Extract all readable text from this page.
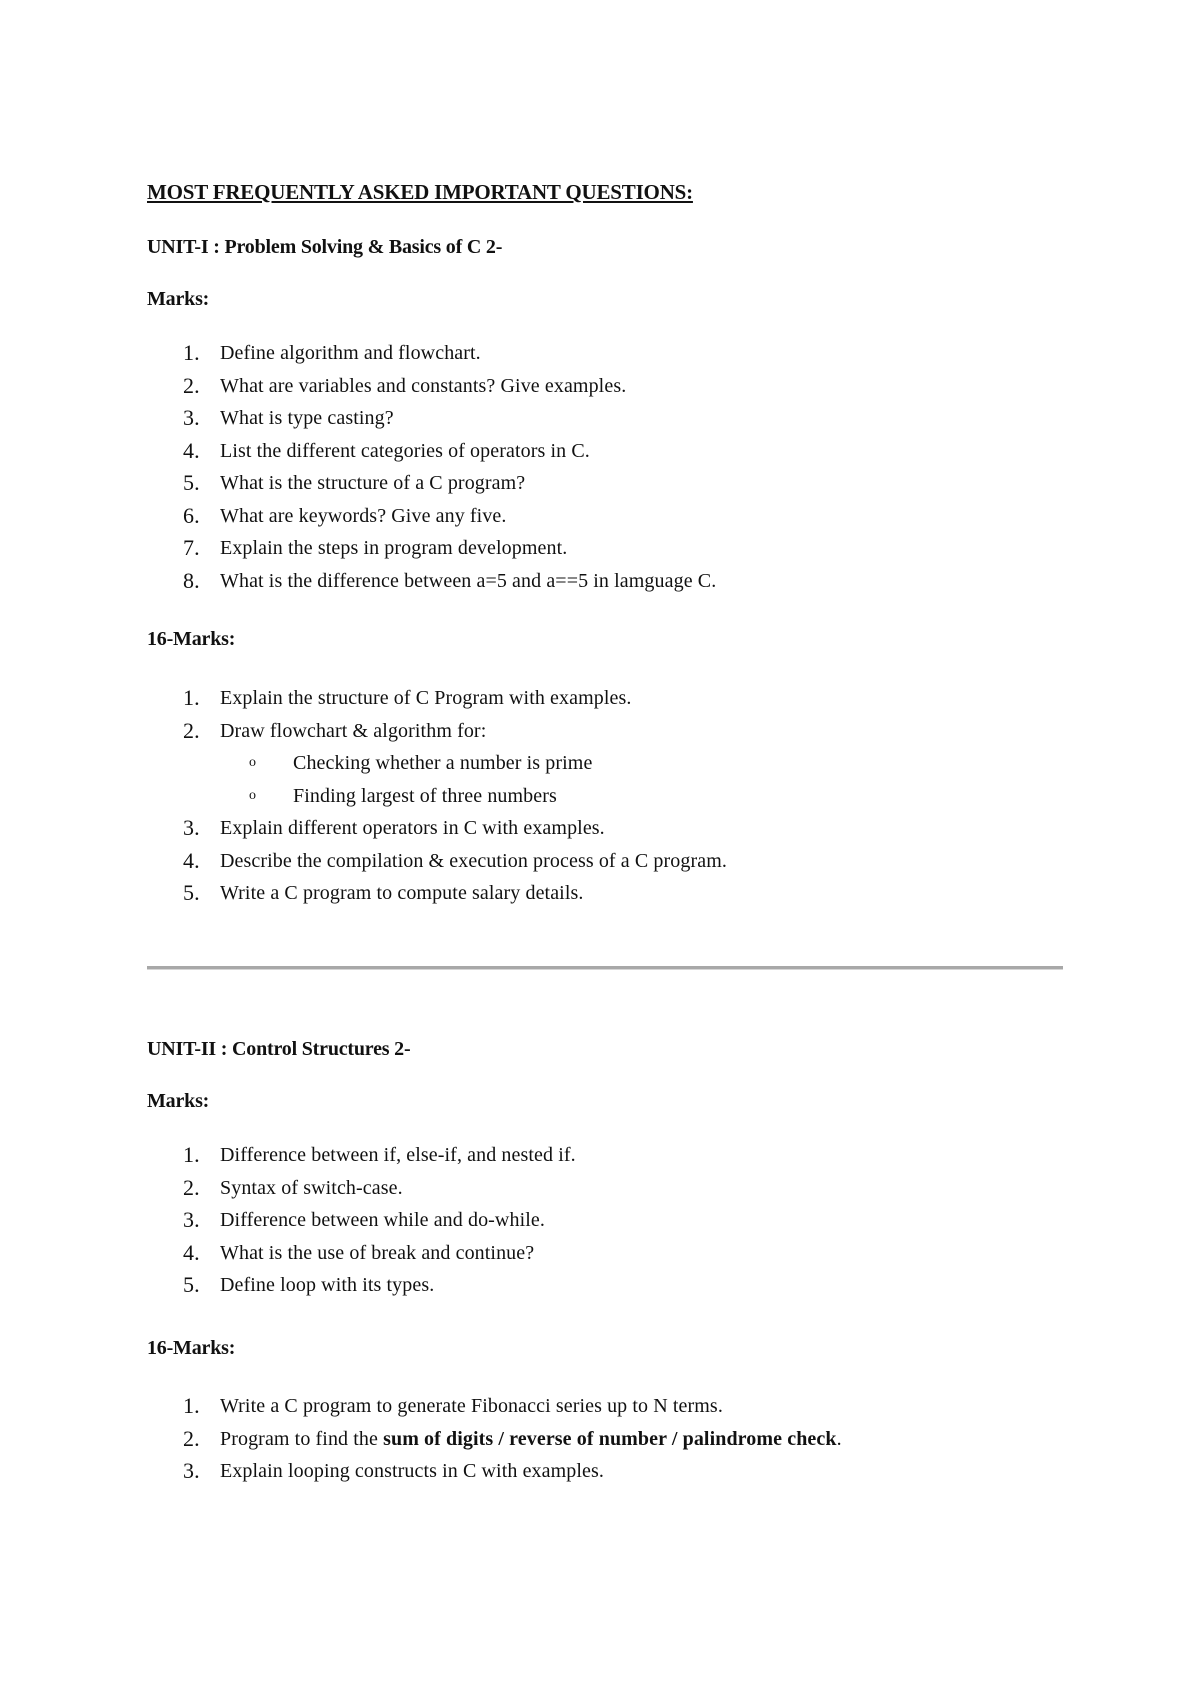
MOST FREQUENTLY ASKED IMPORTANT QUESTIONS:

UNIT-I : Problem Solving & Basics of C 2-

Marks:

1.	Define algorithm and flowchart.
2.	What are variables and constants? Give examples.
3.	What is type casting?
4.	List the different categories of operators in C.
5.	What is the structure of a C program?
6.	What are keywords? Give any five.
7.	Explain the steps in program development.
8.	What is the difference between a=5 and a==5 in lamguage C.

16-Marks:

1.	Explain the structure of C Program with examples.
2.	Draw flowchart & algorithm for:
o Checking whether a number is prime
o Finding largest of three numbers
3.	Explain different operators in C with examples.
4.	Describe the compilation & execution process of a C program.
5.	Write a C program to compute salary details.

UNIT-II : Control Structures 2-

Marks:

1.	Difference between if, else-if, and nested if.
2.	Syntax of switch-case.
3.	Difference between while and do-while.
4.	What is the use of break and continue?
5.	Define loop with its types.

16-Marks:

1.	Write a C program to generate Fibonacci series up to N terms.
2.	Program to find the sum of digits / reverse of number / palindrome check.
3.	Explain looping constructs in C with examples.
